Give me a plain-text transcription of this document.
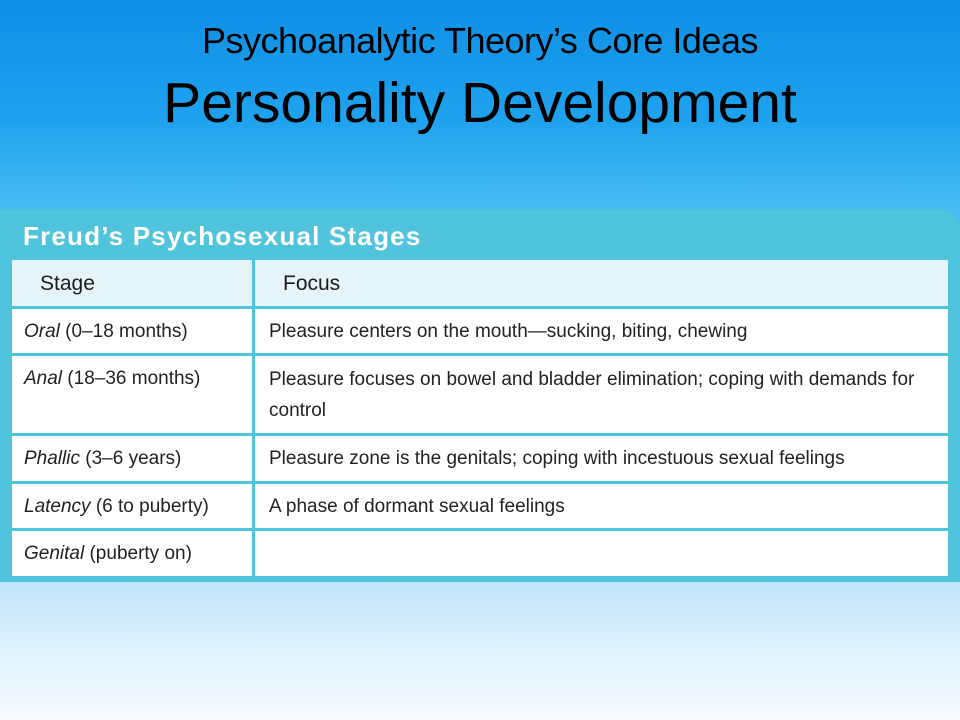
Psychoanalytic Theory’s Core Ideas
Personality Development
Freud’s Psychosexual Stages
Stage	Focus
Oral (0–18 months)	Pleasure centers on the mouth—sucking, biting, chewing
Anal (18–36 months)	Pleasure focuses on bowel and bladder elimination; coping with demands for control
Phallic (3–6 years)	Pleasure zone is the genitals; coping with incestuous sexual feelings
Latency (6 to puberty)	A phase of dormant sexual feelings
Genital (puberty on)
